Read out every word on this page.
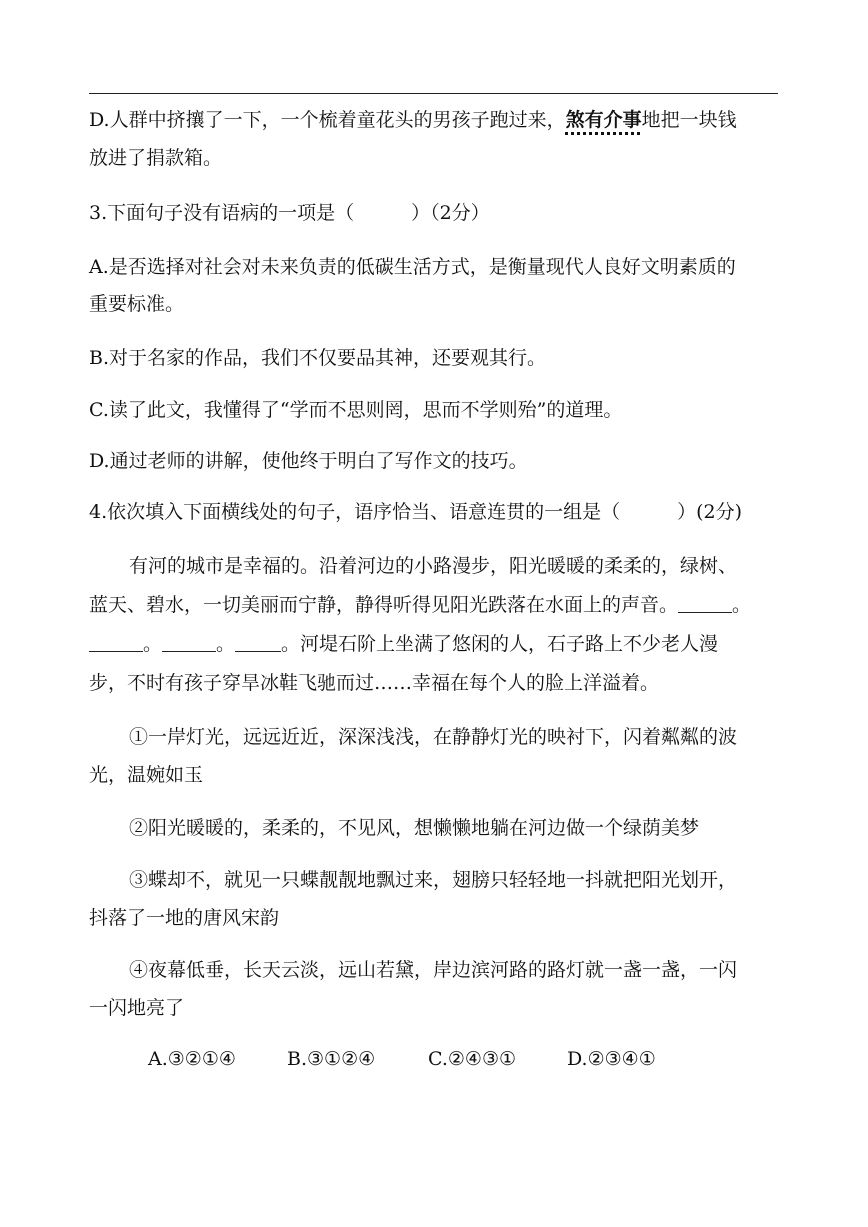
D.人群中挤攘了一下，一个梳着童花头的男孩子跑过来，煞有介事地把一块钱
放进了捐款箱。
3.下面句子没有语病的一项是（　　　）（2分）
A.是否选择对社会对未来负责的低碳生活方式，是衡量现代人良好文明素质的
重要标准。
B.对于名家的作品，我们不仅要品其神，还要观其行。
C.读了此文，我懂得了“学而不思则罔，思而不学则殆”的道理。
D.通过老师的讲解，使他终于明白了写作文的技巧。
4.依次填入下面横线处的句子，语序恰当、语意连贯的一组是（　　　）(2分)
有河的城市是幸福的。沿着河边的小路漫步，阳光暖暖的柔柔的，绿树、
蓝天、碧水，一切美丽而宁静，静得听得见阳光跌落在水面上的声音。	。
。	。 。河堤石阶上坐满了悠闲的人，石子路上不少老人漫
步，不时有孩子穿旱冰鞋飞驰而过……幸福在每个人的脸上洋溢着。
①一岸灯光，远远近近，深深浅浅，在静静灯光的映衬下，闪着粼粼的波
光，温婉如玉
②阳光暖暖的，柔柔的，不见风，想懒懒地躺在河边做一个绿荫美梦
③蝶却不，就见一只蝶靓靓地飘过来，翅膀只轻轻地一抖就把阳光划开，
抖落了一地的唐风宋韵
④夜幕低垂，长天云淡，远山若黛，岸边滨河路的路灯就一盏一盏，一闪
一闪地亮了
A.③②①④	B.③①②④	C.②④③①	D.②③④①
